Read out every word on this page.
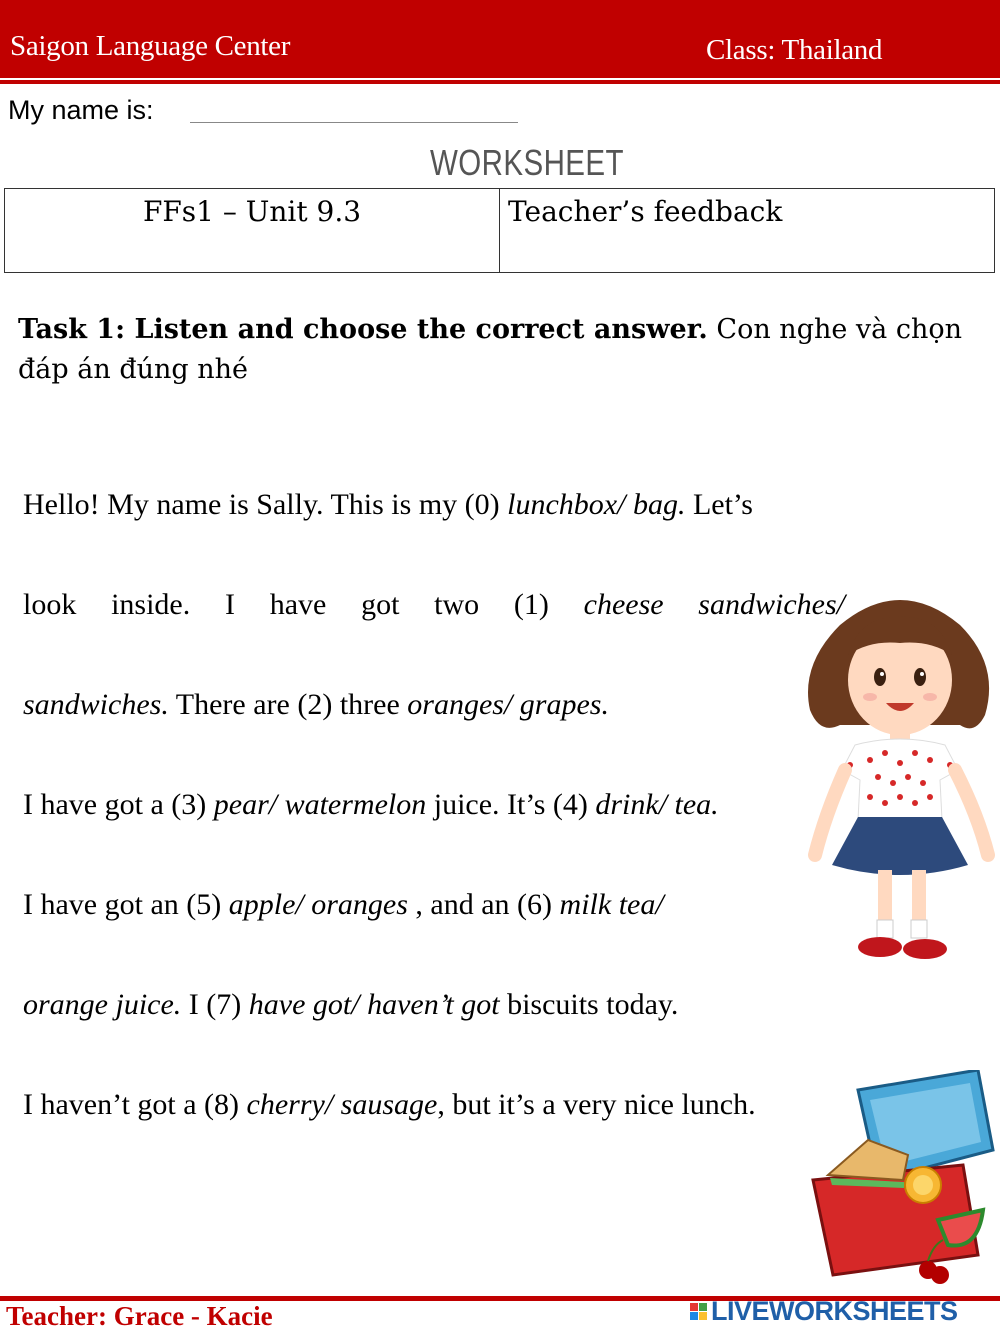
Saigon Language Center	Class: Thailand
My name is:
WORKSHEET
FFs1 – Unit 9.3	Teacher’s feedback
Task 1: Listen and choose the correct answer. Con nghe và chọn đáp án đúng nhé
Hello! My name is Sally. This is my (0) lunchbox/ bag. Let’s
look inside. I have got two (1) cheese sandwiches/
sandwiches. There are (2) three oranges/ grapes.
I have got a (3) pear/ watermelon juice. It’s (4) drink/ tea.
I have got an (5) apple/ oranges , and an (6) milk tea/
orange juice. I (7) have got/ haven’t got biscuits today.
I haven’t got a (8) cherry/ sausage, but it’s a very nice lunch.
Teacher: Grace - Kacie	LIVEWORKSHEETS
